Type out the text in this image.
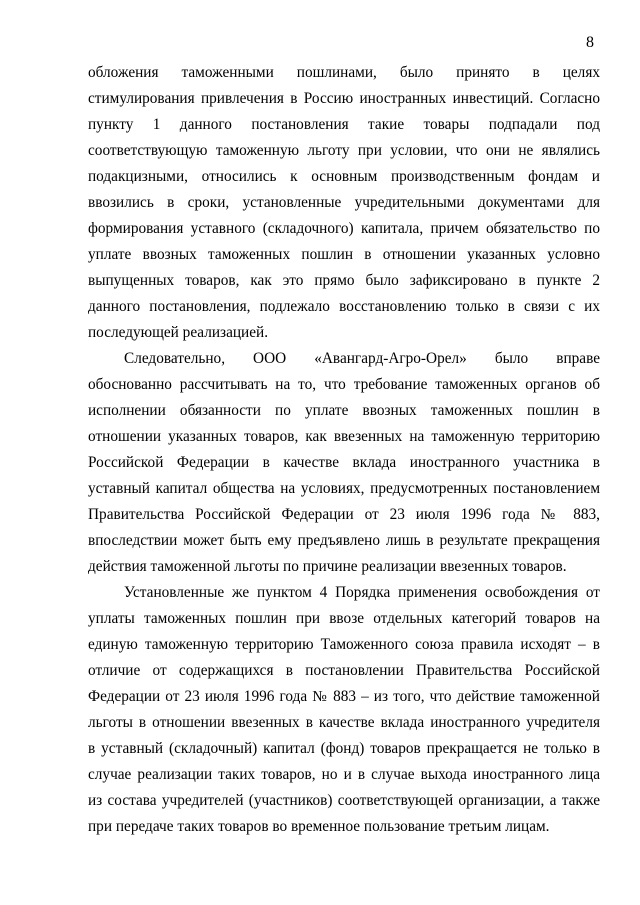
8
обложения таможенными пошлинами, было принято в целях
стимулирования привлечения в Россию иностранных инвестиций. Согласно
пункту 1 данного постановления такие товары подпадали под
соответствующую таможенную льготу при условии, что они не являлись
подакцизными, относились к основным производственным фондам и
ввозились в сроки, установленные учредительными документами для
формирования уставного (складочного) капитала, причем обязательство по
уплате ввозных таможенных пошлин в отношении указанных условно
выпущенных товаров, как это прямо было зафиксировано в пункте 2
данного постановления, подлежало восстановлению только в связи с их
последующей реализацией.
Следовательно, ООО «Авангард-Агро-Орел» было вправе
обоснованно рассчитывать на то, что требование таможенных органов об
исполнении обязанности по уплате ввозных таможенных пошлин в
отношении указанных товаров, как ввезенных на таможенную территорию
Российской Федерации в качестве вклада иностранного участника в
уставный капитал общества на условиях, предусмотренных постановлением
Правительства Российской Федерации от 23 июля 1996 года № 883,
впоследствии может быть ему предъявлено лишь в результате прекращения
действия таможенной льготы по причине реализации ввезенных товаров.
Установленные же пунктом 4 Порядка применения освобождения от
уплаты таможенных пошлин при ввозе отдельных категорий товаров на
единую таможенную территорию Таможенного союза правила исходят – в
отличие от содержащихся в постановлении Правительства Российской
Федерации от 23 июля 1996 года № 883 – из того, что действие таможенной
льготы в отношении ввезенных в качестве вклада иностранного учредителя
в уставный (складочный) капитал (фонд) товаров прекращается не только в
случае реализации таких товаров, но и в случае выхода иностранного лица
из состава учредителей (участников) соответствующей организации, а также
при передаче таких товаров во временное пользование третьим лицам.
